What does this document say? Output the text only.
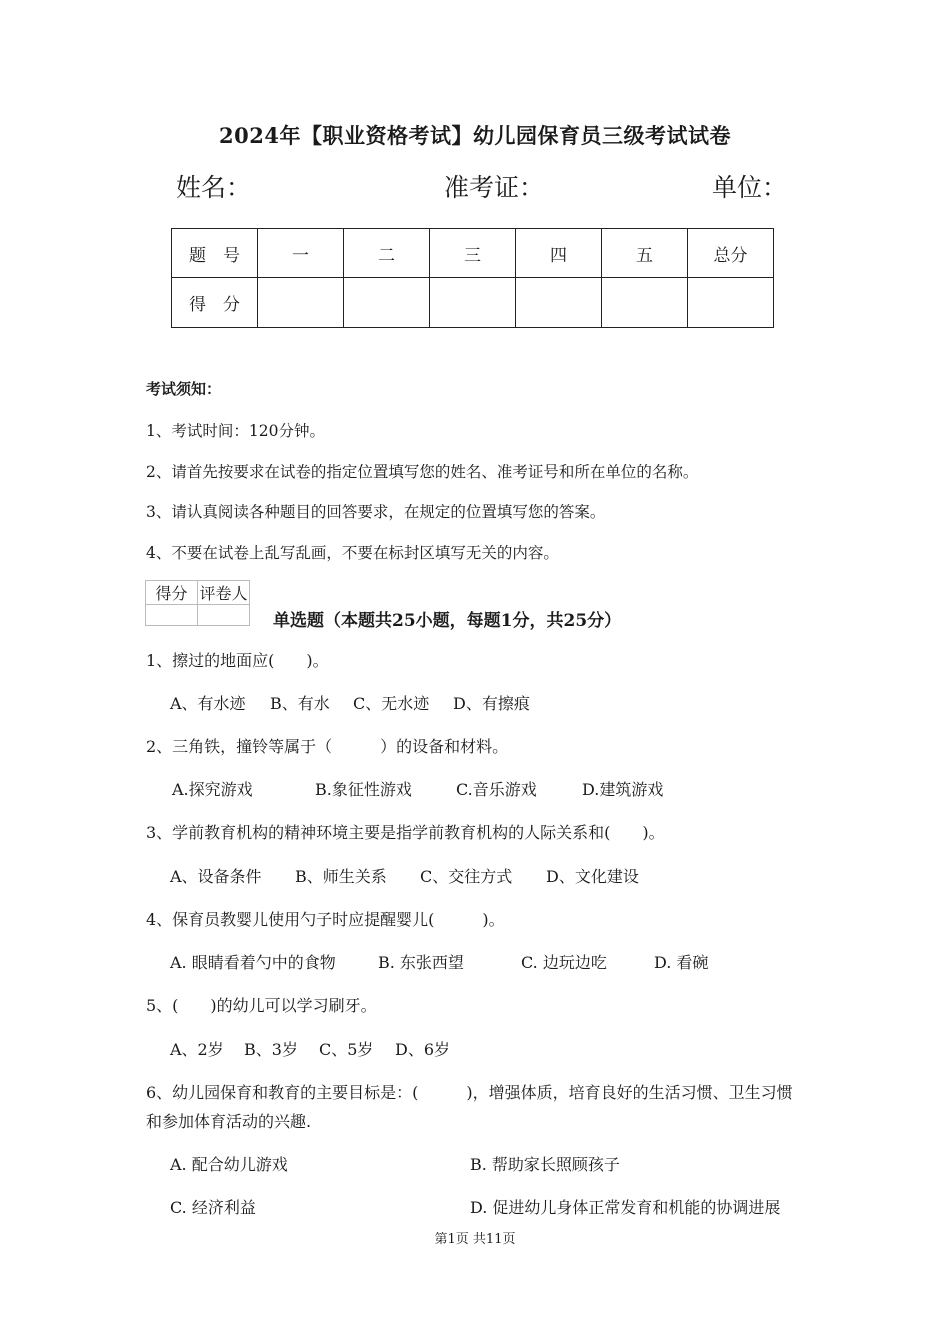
2024年【职业资格考试】幼儿园保育员三级考试试卷
姓名：	准考证：	单位：
题　号	一	二	三	四	五	总分
得　分						
考试须知：
1、考试时间：120分钟。
2、请首先按要求在试卷的指定位置填写您的姓名、准考证号和所在单位的名称。
3、请认真阅读各种题目的回答要求，在规定的位置填写您的答案。
4、不要在试卷上乱写乱画，不要在标封区填写无关的内容。
得分	评卷人

单选题（本题共25小题，每题1分，共25分）
1、擦过的地面应(　　)。
A、有水迹 B、有水 C、无水迹 D、有擦痕
2、三角铁，撞铃等属于（　　　）的设备和材料。
A.探究游戏	B.象征性游戏	C.音乐游戏	D.建筑游戏
3、学前教育机构的精神环境主要是指学前教育机构的人际关系和(　　)。
A、设备条件 B、师生关系 C、交往方式 D、文化建设
4、保育员教婴儿使用勺子时应提醒婴儿(　　　)。
A. 眼睛看着勺中的食物	B. 东张西望	C. 边玩边吃	D. 看碗
5、(　　)的幼儿可以学习刷牙。
A、2岁 B、3岁 C、5岁 D、6岁
6、幼儿园保育和教育的主要目标是：(　　　)，增强体质，培育良好的生活习惯、卫生习惯
和参加体育活动的兴趣.
A. 配合幼儿游戏	B. 帮助家长照顾孩子
C. 经济利益	D. 促进幼儿身体正常发育和机能的协调进展
第1页 共11页
